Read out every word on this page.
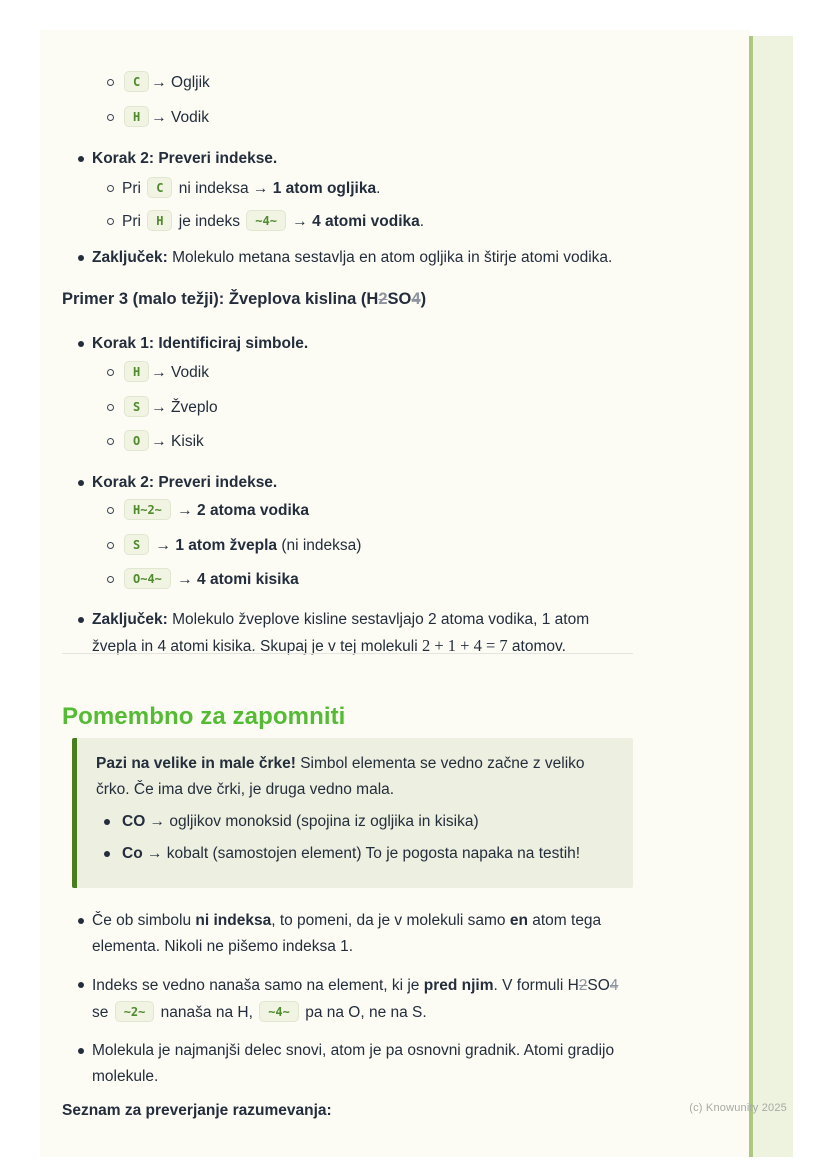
C → Ogljik
H → Vodik
Korak 2: Preveri indekse.
Pri C ni indeksa → 1 atom ogljika.
Pri H je indeks ~4~ → 4 atomi vodika.
Zaključek: Molekulo metana sestavlja en atom ogljika in štirje atomi vodika.
Primer 3 (malo težji): Žveplova kislina (H2SO4)
Korak 1: Identificiraj simbole.
H → Vodik
S → Žveplo
O → Kisik
Korak 2: Preveri indekse.
H~2~ → 2 atoma vodika
S → 1 atom žvepla (ni indeksa)
O~4~ → 4 atomi kisika
Zaključek: Molekulo žveplove kisline sestavljajo 2 atoma vodika, 1 atom žvepla in 4 atomi kisika. Skupaj je v tej molekuli 2 + 1 + 4 = 7 atomov.
Pomembno za zapomniti
Pazi na velike in male črke! Simbol elementa se vedno začne z veliko črko. Če ima dve črki, je druga vedno mala.
CO → ogljikov monoksid (spojina iz ogljika in kisika)
Co → kobalt (samostojen element) To je pogosta napaka na testih!
Če ob simbolu ni indeksa, to pomeni, da je v molekuli samo en atom tega elementa. Nikoli ne pišemo indeksa 1.
Indeks se vedno nanaša samo na element, ki je pred njim. V formuli H2SO4 se ~2~ nanaša na H, ~4~ pa na O, ne na S.
Molekula je najmanjši delec snovi, atom je pa osnovni gradnik. Atomi gradijo molekule.
Seznam za preverjanje razumevanja:	(c) Knowunity 2025
